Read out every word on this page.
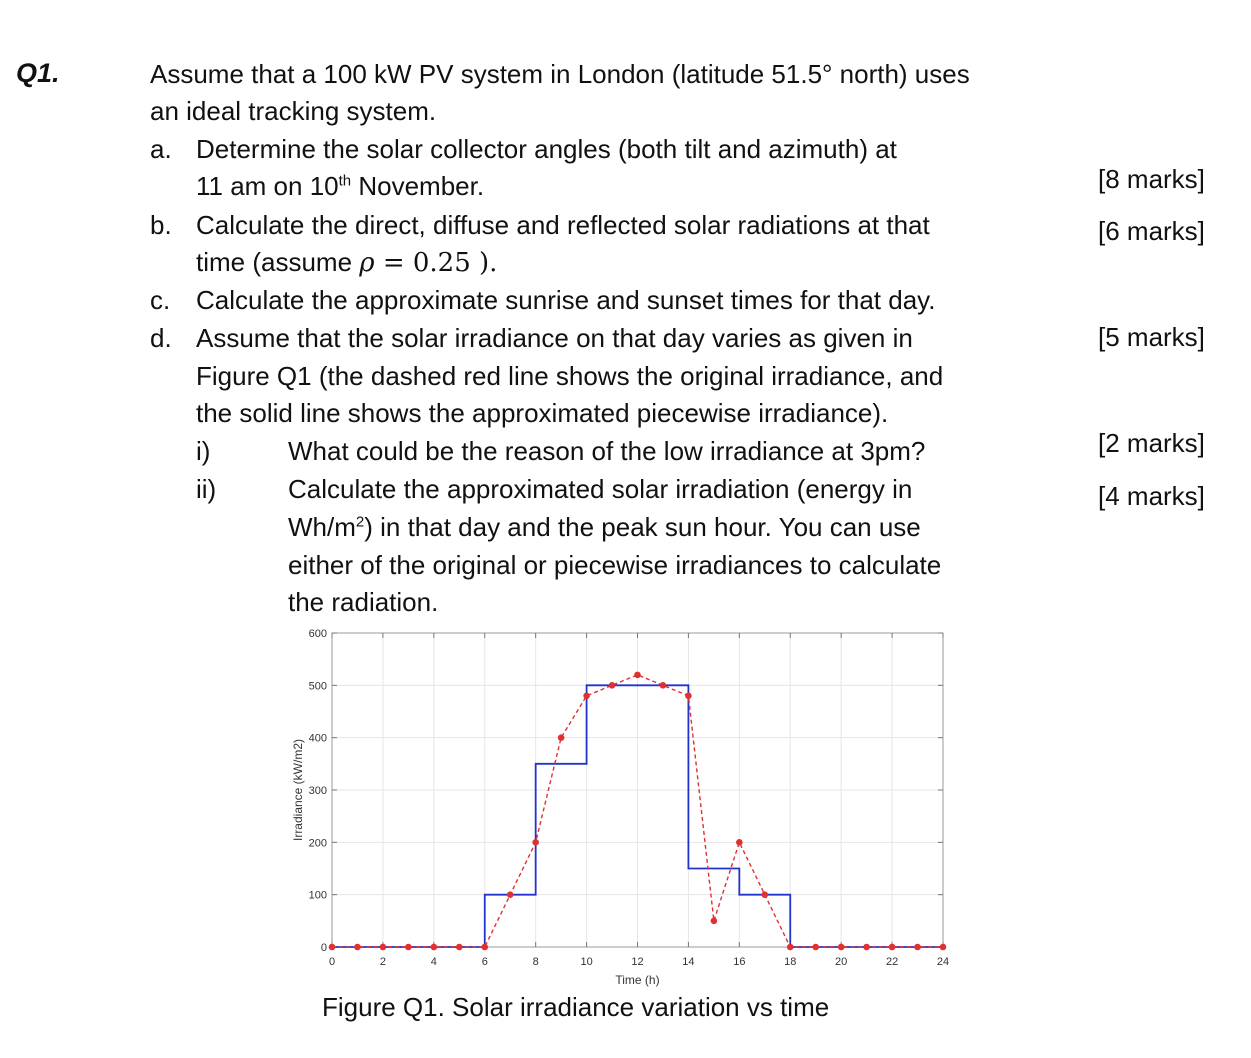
Q1.	Assume that a 100 kW PV system in London (latitude 51.5° north) uses
an ideal tracking system.
a. Determine the solar collector angles (both tilt and azimuth) at
11 am on 10th November.	[8 marks]
b. Calculate the direct, diffuse and reflected solar radiations at that
time (assume ρ = 0.25 ).
[6 marks]
c. Calculate the approximate sunrise and sunset times for that day.
d. Assume that the solar irradiance on that day varies as given in	[5 marks]
Figure Q1 (the dashed red line shows the original irradiance, and
the solid line shows the approximated piecewise irradiance).
i)	What could be the reason of the low irradiance at 3pm?	[2 marks]
ii)	Calculate the approximated solar irradiation (energy in	[4 marks]
$Wh/m^2$) in that day and the peak sun hour. You can use
either of the original or piecewise irradiances to calculate
the radiation.
0	2	4	6	8	10	12	14	16	18	20	22	24
0
100
200
300
400
500
600
Time (h)
Irradiance (kW/m2)
Figure Q1. Solar irradiance variation vs time
